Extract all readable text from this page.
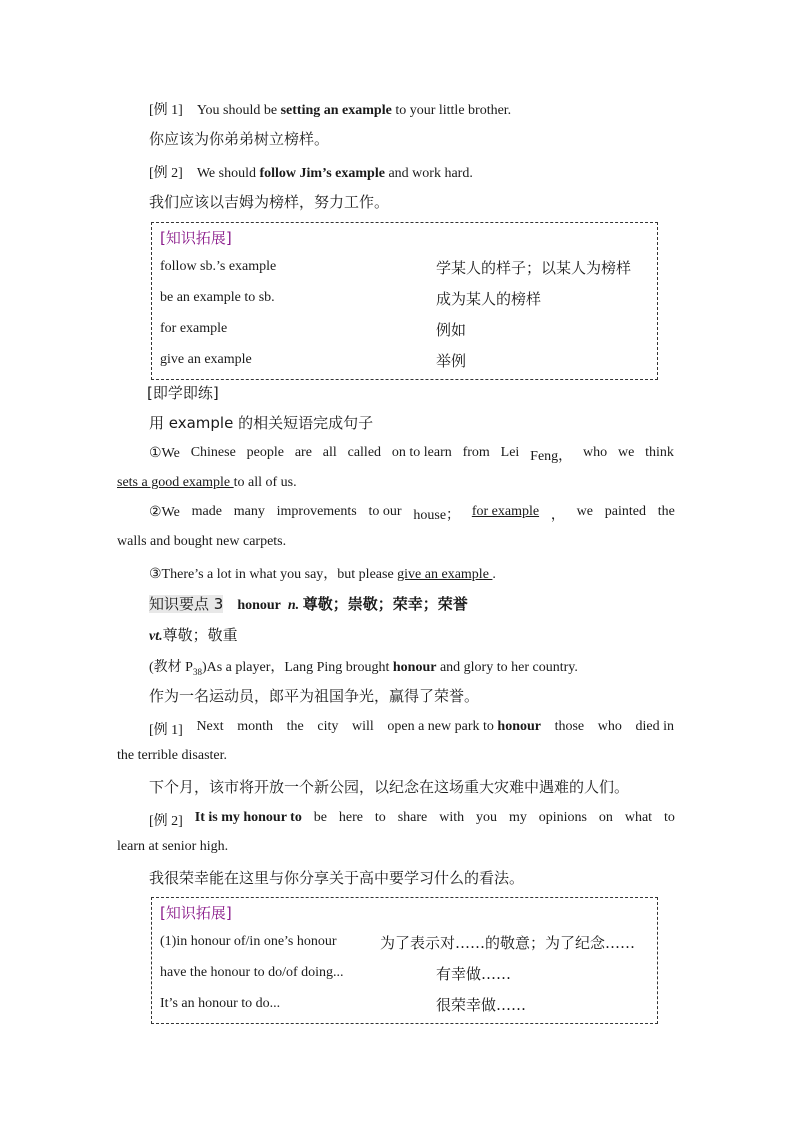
[例 1] You should be setting an example to your little brother.
你应该为你弟弟树立榜样。
[例 2] We should follow Jim’s example and work hard.
我们应该以吉姆为榜样，努力工作。
[知识拓展]
follow sb.’s example	学某人的样子；以某人为榜样
be an example to sb.	成为某人的榜样
for example	例如
give an example	举例
[即学即练]
用 example 的相关短语完成句子
①We Chinese people are all called on to learn from Lei Feng， who we think
sets a good example to all of us.
②We made many improvements to our house； for example ， we painted the
walls and bought new carpets.
③There’s a lot in what you say，but please give an example .
知识要点 3 honour n. 尊敬；崇敬；荣幸；荣誉
vt.尊敬；敬重
(教材 $P_{38})As$ a player，Lang Ping brought honour and glory to her country.
作为一名运动员，郎平为祖国争光，赢得了荣誉。
[例 1] Next month the city will open a new park to honour those who died in
the terrible disaster.
下个月，该市将开放一个新公园，以纪念在这场重大灾难中遇难的人们。
[例 2] It is my honour to be here to share with you my opinions on what to
learn at senior high.
我很荣幸能在这里与你分享关于高中要学习什么的看法。
[知识拓展]
(1)in honour of/in one’s honour	为了表示对……的敬意；为了纪念……
have the honour to do/of doing...	有幸做……
It’s an honour to do...	很荣幸做……
